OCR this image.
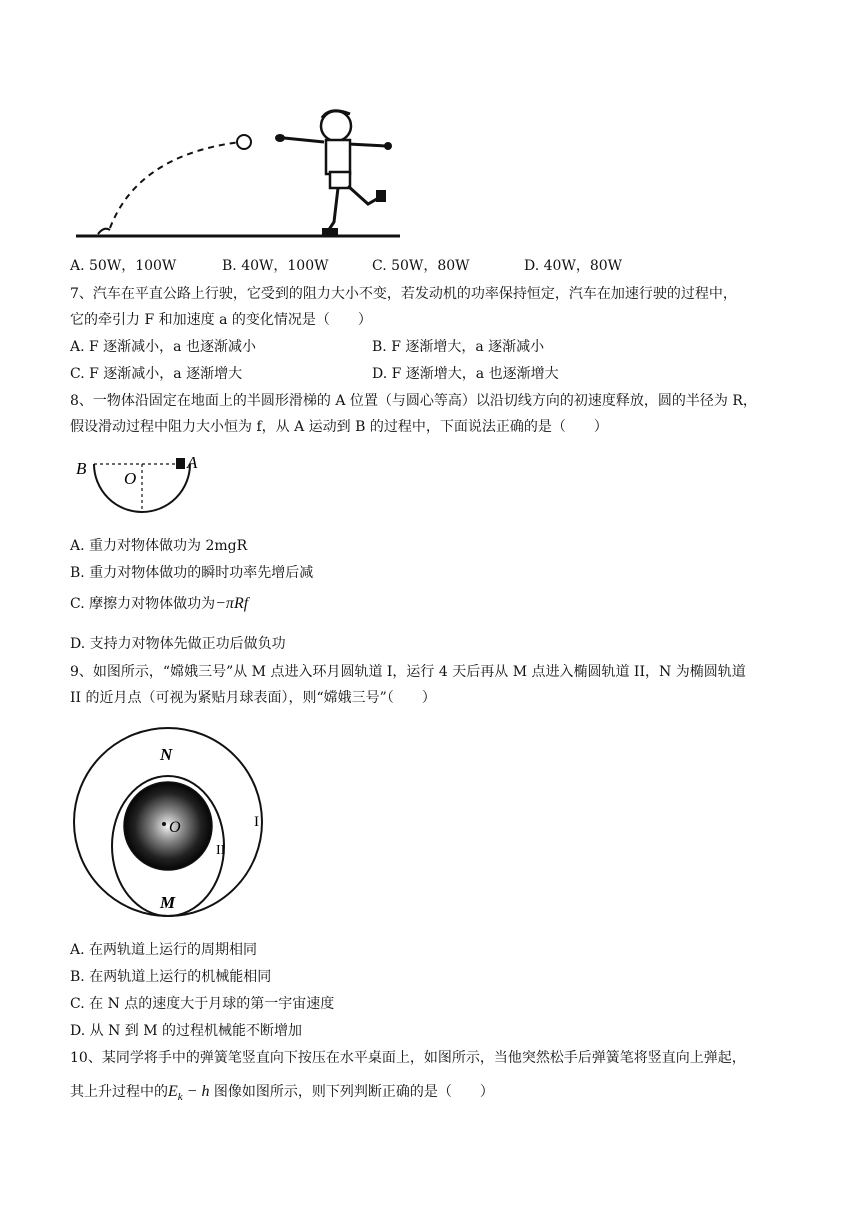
A. 50W，100W	B. 40W，100W	C. 50W，80W	D. 40W，80W
7、汽车在平直公路上行驶，它受到的阻力大小不变，若发动机的功率保持恒定，汽车在加速行驶的过程中，
它的牵引力 F 和加速度 a 的变化情况是（　　）
A. F 逐渐减小，a 也逐渐减小	B. F 逐渐增大，a 逐渐减小
C. F 逐渐减小，a 逐渐增大	D. F 逐渐增大，a 也逐渐增大
8、一物体沿固定在地面上的半圆形滑梯的 A 位置（与圆心等高）以沿切线方向的初速度释放，圆的半径为 R，
假设滑动过程中阻力大小恒为 f，从 A 运动到 B 的过程中，下面说法正确的是（　　）
B
O
A
A. 重力对物体做功为 2mgR
B. 重力对物体做功的瞬时功率先增后减
C. 摩擦力对物体做功为−πRf
D. 支持力对物体先做正功后做负功
9、如图所示，“嫦娥三号”从 M 点进入环月圆轨道 I，运行 4 天后再从 M 点进入椭圆轨道 II，N 为椭圆轨道
II 的近月点（可视为紧贴月球表面），则“嫦娥三号”（　　）
N
O
M
I
II
A. 在两轨道上运行的周期相同
B. 在两轨道上运行的机械能相同
C. 在 N 点的速度大于月球的第一宇宙速度
D. 从 N 到 M 的过程机械能不断增加
10、某同学将手中的弹簧笔竖直向下按压在水平桌面上，如图所示，当他突然松手后弹簧笔将竖直向上弹起，
其上升过程中的$E_k - h$ 图像如图所示，则下列判断正确的是（　　）
